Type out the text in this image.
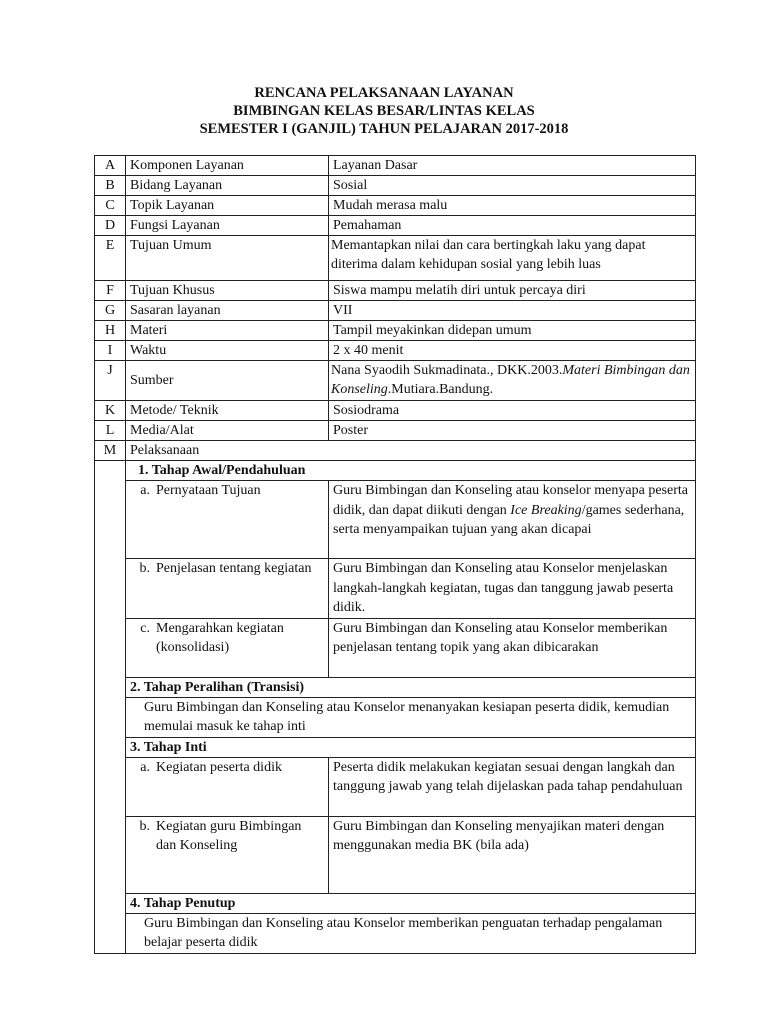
RENCANA PELAKSANAAN LAYANAN
BIMBINGAN KELAS BESAR/LINTAS KELAS
SEMESTER I (GANJIL) TAHUN PELAJARAN 2017-2018
A	Komponen Layanan	Layanan Dasar
B	Bidang Layanan	Sosial
C	Topik Layanan	Mudah merasa malu
D	Fungsi Layanan	Pemahaman
E	Tujuan Umum	Memantapkan nilai dan cara bertingkah laku yang dapat diterima dalam kehidupan sosial yang lebih luas
F	Tujuan Khusus	Siswa mampu melatih diri untuk percaya diri
G	Sasaran layanan	VII
H	Materi	Tampil meyakinkan didepan umum
I	Waktu	2 x 40 menit
J	Sumber	Nana Syaodih Sukmadinata., DKK.2003.Materi Bimbingan dan Konseling.Mutiara.Bandung.
K	Metode/ Teknik	Sosiodrama
L	Media/Alat	Poster
M	Pelaksanaan	
	1. Tahap Awal/Pendahuluan	

	a. Pernyataan Tujuan	Guru Bimbingan dan Konseling atau konselor menyapa peserta didik, dan dapat diikuti dengan Ice Breaking/games sederhana, serta menyampaikan tujuan yang akan dicapai

	b. Penjelasan tentang kegiatan	Guru Bimbingan dan Konseling atau Konselor menjelaskan langkah-langkah kegiatan, tugas dan tanggung jawab peserta didik.

	c. Mengarahkan kegiatan (konsolidasi)	Guru Bimbingan dan Konseling atau Konselor memberikan penjelasan tentang topik yang akan dibicarakan
	2. Tahap Peralihan (Transisi)	
	Guru Bimbingan dan Konseling atau Konselor menanyakan kesiapan peserta didik, kemudian memulai masuk ke tahap inti	
	3. Tahap Inti	

	a. Kegiatan peserta didik	Peserta didik melakukan kegiatan sesuai dengan langkah dan tanggung jawab yang telah dijelaskan pada tahap pendahuluan

	b. Kegiatan guru Bimbingan dan Konseling	Guru Bimbingan dan Konseling menyajikan materi dengan menggunakan media BK (bila ada)
	4. Tahap Penutup	
	Guru Bimbingan dan Konseling atau Konselor memberikan penguatan terhadap pengalaman belajar peserta didik	
